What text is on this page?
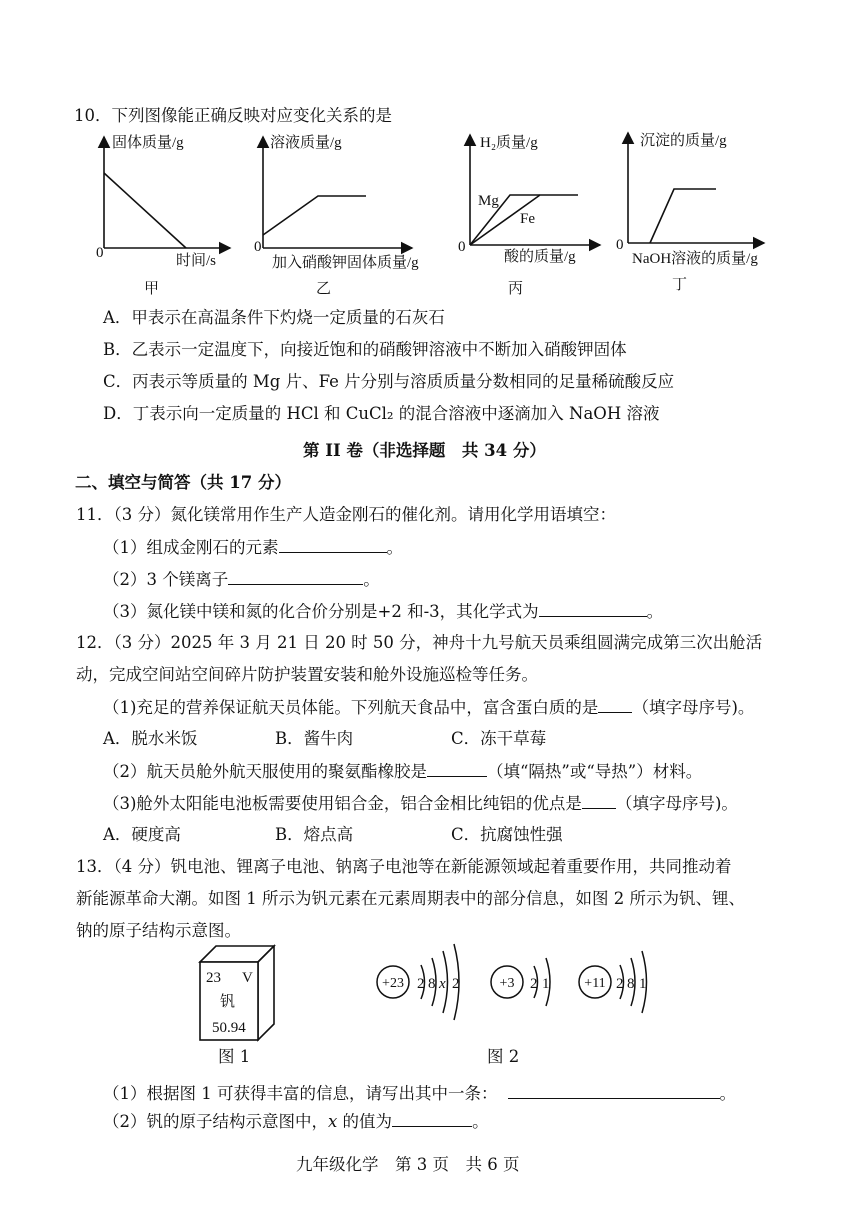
10．下列图像能正确反映对应变化关系的是
固体质量/g
0	时间/s
甲
溶液质量/g
0
加入硝酸钾固体质量/g
乙
H₂质量/g
Mg
Fe
0
酸的质量/g
丙
沉淀的质量/g
0
NaOH溶液的质量/g
丁
A．甲表示在高温条件下灼烧一定质量的石灰石
B．乙表示一定温度下，向接近饱和的硝酸钾溶液中不断加入硝酸钾固体
C．丙表示等质量的 Mg 片、Fe 片分别与溶质质量分数相同的足量稀硫酸反应
D．丁表示向一定质量的 HCl 和 CuCl₂ 的混合溶液中逐滴加入 NaOH 溶液
第 II 卷（非选择题　共 34 分）
二、填空与简答（共 17 分）
11．（3 分）氮化镁常用作生产人造金刚石的催化剂。请用化学用语填空：
（1）组成金刚石的元素	。
（2）3 个镁离子	。
（3）氮化镁中镁和氮的化合价分别是+2 和-3，其化学式为	。
12．（3 分）2025 年 3 月 21 日 20 时 50 分，神舟十九号航天员乘组圆满完成第三次出舱活
动，完成空间站空间碎片防护装置安装和舱外设施巡检等任务。
（1)充足的营养保证航天员体能。下列航天食品中，富含蛋白质的是 （填字母序号)。
A．脱水米饭	B．酱牛肉	C．冻干草莓
（2）航天员舱外航天服使用的聚氨酯橡胶是	（填“隔热”或“导热”）材料。
（3)舱外太阳能电池板需要使用铝合金，铝合金相比纯铝的优点是 （填字母序号)。
A．硬度高	B．熔点高	C．抗腐蚀性强
13．（4 分）钒电池、锂离子电池、钠离子电池等在新能源领域起着重要作用，共同推动着
新能源革命大潮。如图 1 所示为钒元素在元素周期表中的部分信息，如图 2 所示为钒、锂、
钠的原子结构示意图。
23 V
钒
50.94
+23 2 8 x 2	+3 2 1 +11 2 8 1
图 1	图 2
（1）根据图 1 可获得丰富的信息，请写出其中一条：	。
（2）钒的原子结构示意图中，x 的值为	。
九年级化学　第 3 页　共 6 页
